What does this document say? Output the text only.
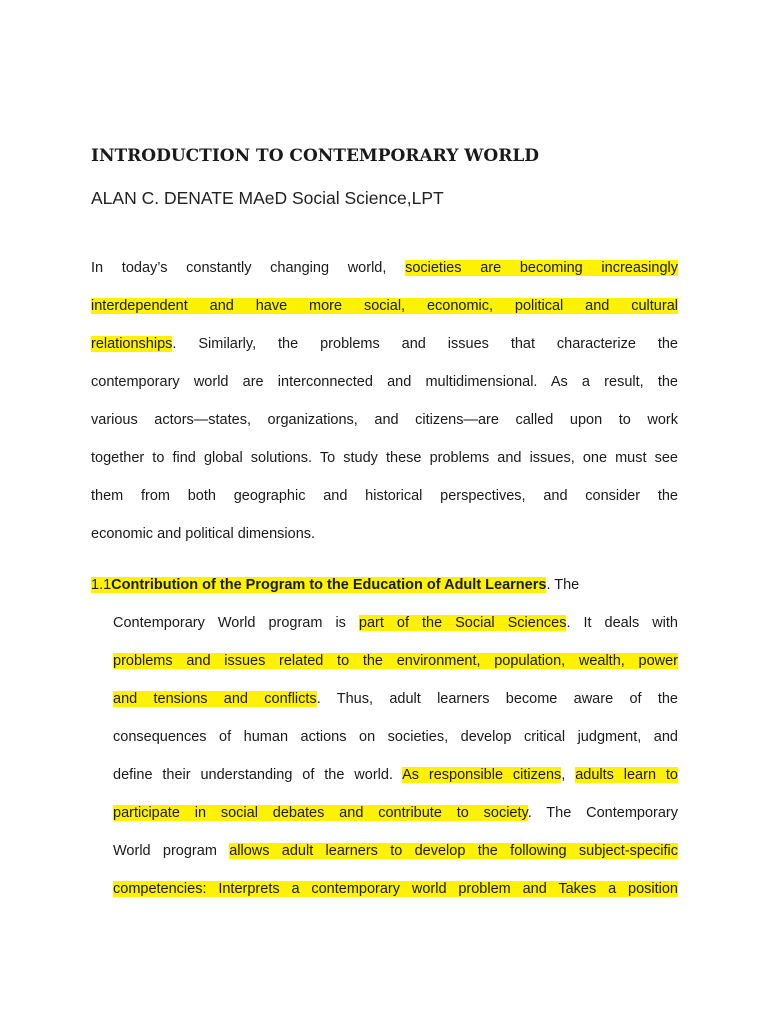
INTRODUCTION TO CONTEMPORARY WORLD
ALAN C. DENATE MAeD Social Science,LPT
In today’s constantly changing world, societies are becoming increasingly
interdependent and have more social, economic, political and cultural
relationships. Similarly, the problems and issues that characterize the
contemporary world are interconnected and multidimensional. As a result, the
various actors—states, organizations, and citizens—are called upon to work
together to find global solutions. To study these problems and issues, one must see
them from both geographic and historical perspectives, and consider the
economic and political dimensions.
1.1Contribution of the Program to the Education of Adult Learners. The
Contemporary World program is part of the Social Sciences. It deals with
problems and issues related to the environment, population, wealth, power
and tensions and conflicts. Thus, adult learners become aware of the
consequences of human actions on societies, develop critical judgment, and
define their understanding of the world. As responsible citizens, adults learn to
participate in social debates and contribute to society. The Contemporary
World program allows adult learners to develop the following subject-specific
competencies: Interprets a contemporary world problem and Takes a position
